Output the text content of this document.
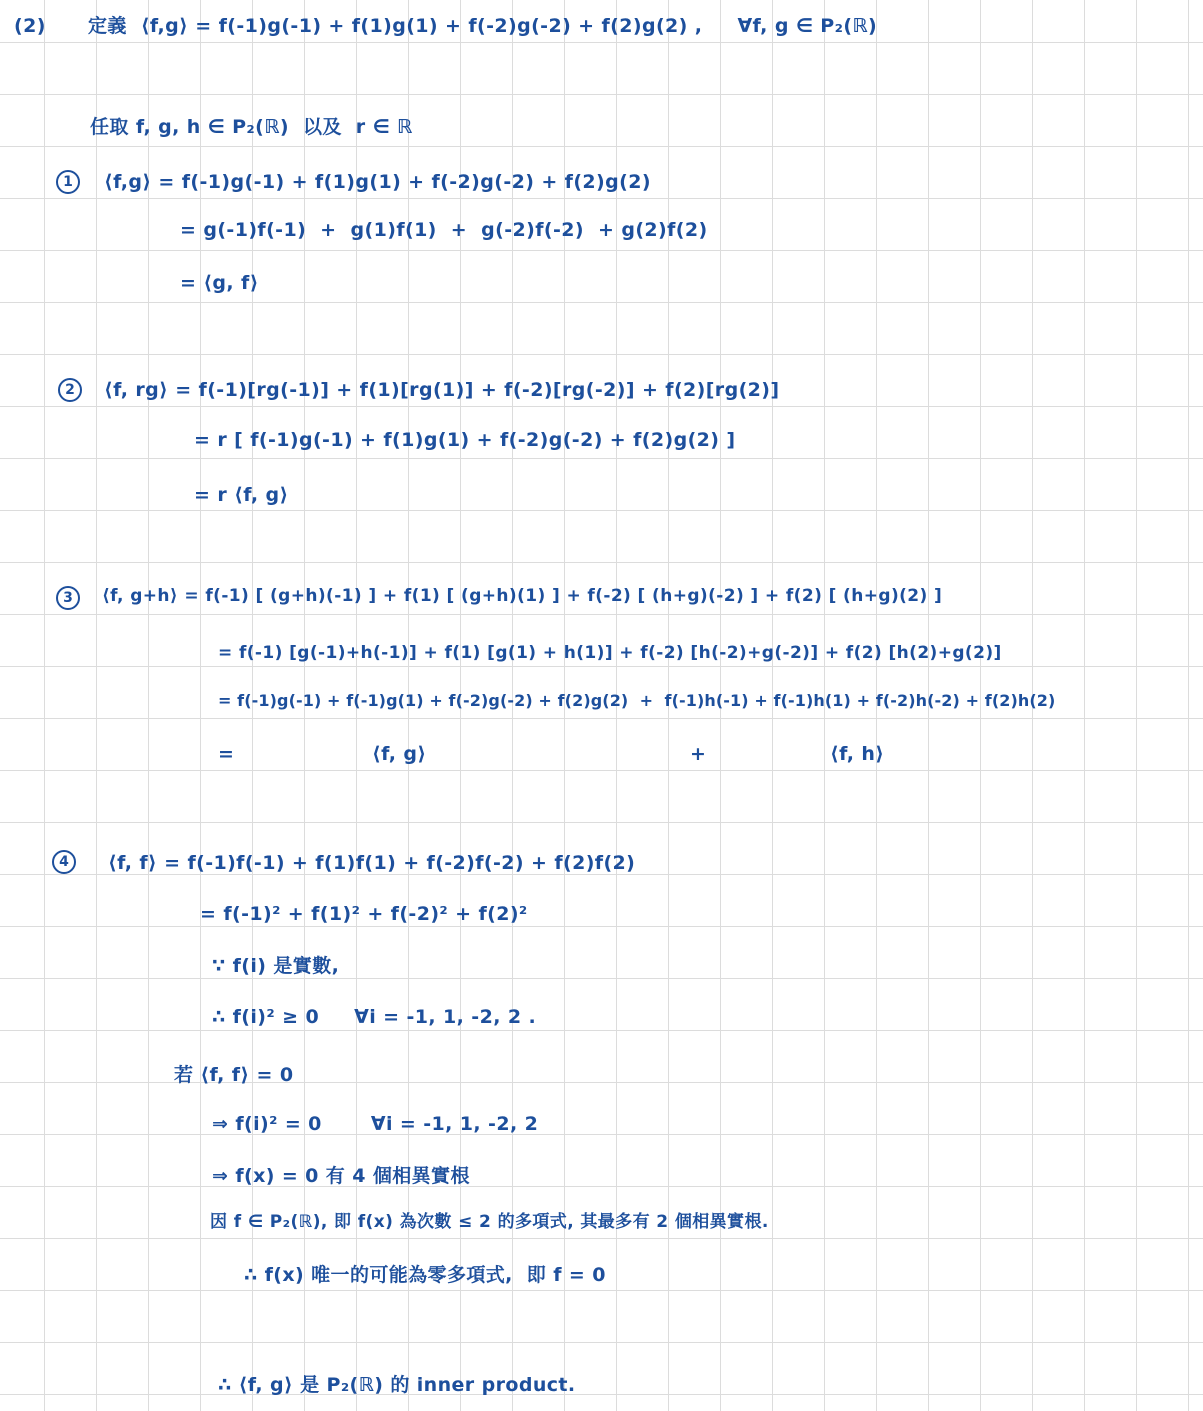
(2) 定義  ⟨f,g⟩ = f(-1)g(-1) + f(1)g(1) + f(-2)g(-2) + f(2)g(2) ,     ∀f, g ∈ P₂(ℝ)
任取 f, g, h ∈ P₂(ℝ)  以及  r ∈ ℝ
1	⟨f,g⟩ = f(-1)g(-1) + f(1)g(1) + f(-2)g(-2) + f(2)g(2)
= g(-1)f(-1)  +  g(1)f(1)  +  g(-2)f(-2)  + g(2)f(2)
= ⟨g, f⟩
2	⟨f, rg⟩ = f(-1)[rg(-1)] + f(1)[rg(1)] + f(-2)[rg(-2)] + f(2)[rg(2)]
= r [ f(-1)g(-1) + f(1)g(1) + f(-2)g(-2) + f(2)g(2) ]
= r ⟨f, g⟩
3	⟨f, g+h⟩ = f(-1) [ (g+h)(-1) ] + f(1) [ (g+h)(1) ] + f(-2) [ (h+g)(-2) ] + f(2) [ (h+g)(2) ]
= f(-1) [g(-1)+h(-1)] + f(1) [g(1) + h(1)] + f(-2) [h(-2)+g(-2)] + f(2) [h(2)+g(2)]
= f(-1)g(-1) + f(-1)g(1) + f(-2)g(-2) + f(2)g(2)  +  f(-1)h(-1) + f(-1)h(1) + f(-2)h(-2) + f(2)h(2)
=	⟨f, g⟩	+	⟨f, h⟩
4	⟨f, f⟩ = f(-1)f(-1) + f(1)f(1) + f(-2)f(-2) + f(2)f(2)
= f(-1)² + f(1)² + f(-2)² + f(2)²
∵ f(i) 是實數,
∴ f(i)² ≥ 0     ∀i = -1, 1, -2, 2 .
若 ⟨f, f⟩ = 0
⇒ f(i)² = 0       ∀i = -1, 1, -2, 2
⇒ f(x) = 0 有 4 個相異實根
因 f ∈ P₂(ℝ), 即 f(x) 為次數 ≤ 2 的多項式, 其最多有 2 個相異實根.
∴ f(x) 唯一的可能為零多項式,  即 f = 0
∴ ⟨f, g⟩ 是 P₂(ℝ) 的 inner product.
